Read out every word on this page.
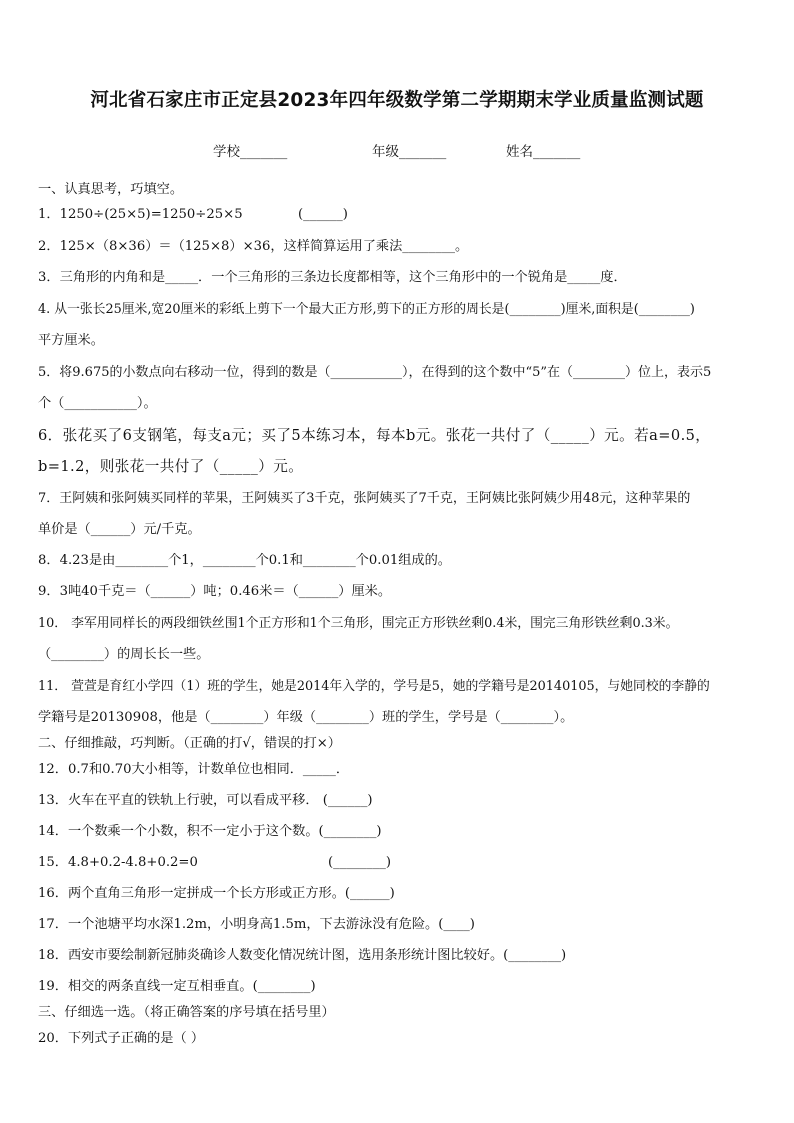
河北省石家庄市正定县2023年四年级数学第二学期期末学业质量监测试题
学校_______	年级_______	姓名_______
一、认真思考，巧填空。
1．1250÷(25×5)=1250÷25×5	(______)
2．125×（8×36）＝（125×8）×36，这样简算运用了乘法________。
3．三角形的内角和是_____．一个三角形的三条边长度都相等，这个三角形中的一个锐角是_____度．
4. 从一张长25厘米,宽20厘米的彩纸上剪下一个最大正方形,剪下的正方形的周长是(________)厘米,面积是(________)
平方厘米。
5．将9.675的小数点向右移动一位，得到的数是（___________），在得到的这个数中“5”在（________）位上，表示5
个（___________）。
6．张花买了6支钢笔，每支a元；买了5本练习本，每本b元。张花一共付了（_____）元。若a=0.5，
b=1.2，则张花一共付了（_____）元。
7．王阿姨和张阿姨买同样的苹果，王阿姨买了3千克，张阿姨买了7千克，王阿姨比张阿姨少用48元，这种苹果的
单价是（______）元/千克。
8．4.23是由________个1，________个0.1和________个0.01组成的。
9．3吨40千克＝（______）吨；0.46米＝（______）厘米。
10． 李军用同样长的两段细铁丝围1个正方形和1个三角形，围完正方形铁丝剩0.4米，围完三角形铁丝剩0.3米。
（________）的周长长一些。
11． 萱萱是育红小学四（1）班的学生，她是2014年入学的，学号是5，她的学籍号是20140105，与她同校的李静的
学籍号是20130908，他是（________）年级（________）班的学生，学号是（________）。
二、仔细推敲，巧判断。（正确的打√，错误的打×）
12．0.7和0.70大小相等，计数单位也相同．_____．
13．火车在平直的铁轨上行驶，可以看成平移． (______)
14．一个数乘一个小数，积不一定小于这个数。(________)
15．4.8+0.2-4.8+0.2=0	(________)
16．两个直角三角形一定拼成一个长方形或正方形。(______)
17．一个池塘平均水深1.2m，小明身高1.5m，下去游泳没有危险。(____)
18．西安市要绘制新冠肺炎确诊人数变化情况统计图，选用条形统计图比较好。(________)
19．相交的两条直线一定互相垂直。(________)
三、仔细选一选。（将正确答案的序号填在括号里）
20．下列式子正确的是（ ）
